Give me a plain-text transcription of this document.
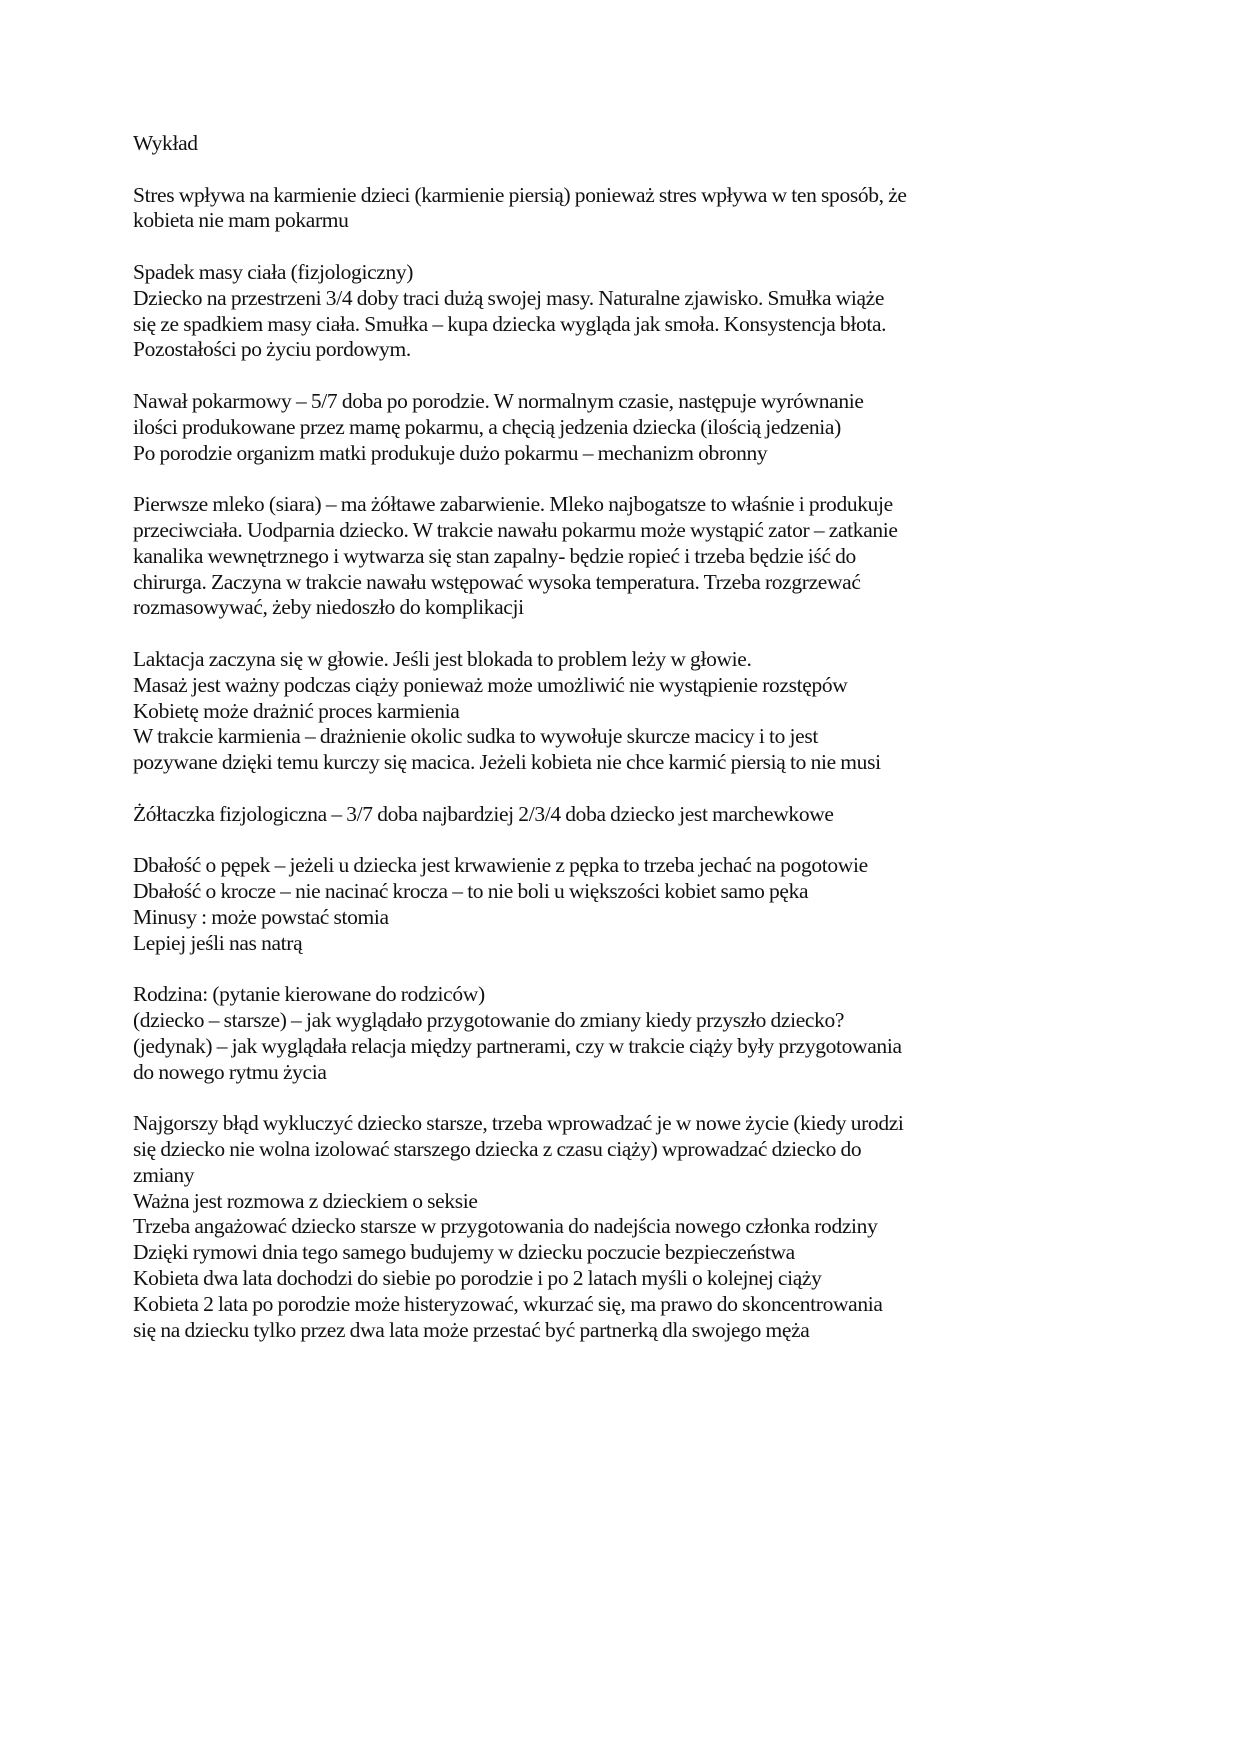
Wykład
Stres wpływa na karmienie dzieci (karmienie piersią) ponieważ stres wpływa w ten sposób, że
kobieta nie mam pokarmu
Spadek masy ciała (fizjologiczny)
Dziecko na przestrzeni 3/4 doby traci dużą swojej masy. Naturalne zjawisko. Smułka wiąże
się ze spadkiem masy ciała. Smułka – kupa dziecka wygląda jak smoła. Konsystencja błota.
Pozostałości po życiu pordowym.
Nawał pokarmowy – 5/7 doba po porodzie. W normalnym czasie, następuje wyrównanie
ilości produkowane przez mamę pokarmu, a chęcią jedzenia dziecka (ilością jedzenia)
Po porodzie organizm matki produkuje dużo pokarmu – mechanizm obronny
Pierwsze mleko (siara) – ma żółtawe zabarwienie. Mleko najbogatsze to właśnie i produkuje
przeciwciała. Uodparnia dziecko. W trakcie nawału pokarmu może wystąpić zator – zatkanie
kanalika wewnętrznego i wytwarza się stan zapalny- będzie ropieć i trzeba będzie iść do
chirurga. Zaczyna w trakcie nawału wstępować wysoka temperatura. Trzeba rozgrzewać
rozmasowywać, żeby niedoszło do komplikacji
Laktacja zaczyna się w głowie. Jeśli jest blokada to problem leży w głowie.
Masaż jest ważny podczas ciąży ponieważ może umożliwić nie wystąpienie rozstępów
Kobietę może drażnić proces karmienia
W trakcie karmienia – drażnienie okolic sudka to wywołuje skurcze macicy i to jest
pozywane dzięki temu kurczy się macica. Jeżeli kobieta nie chce karmić piersią to nie musi
Żółtaczka fizjologiczna – 3/7 doba najbardziej 2/3/4 doba dziecko jest marchewkowe
Dbałość o pępek – jeżeli u dziecka jest krwawienie z pępka to trzeba jechać na pogotowie
Dbałość o krocze – nie nacinać krocza – to nie boli u większości kobiet samo pęka
Minusy : może powstać stomia
Lepiej jeśli nas natrą
Rodzina: (pytanie kierowane do rodziców)
(dziecko – starsze) – jak wyglądało przygotowanie do zmiany kiedy przyszło dziecko?
(jedynak) – jak wyglądała relacja między partnerami, czy w trakcie ciąży były przygotowania
do nowego rytmu życia
Najgorszy błąd wykluczyć dziecko starsze, trzeba wprowadzać je w nowe życie (kiedy urodzi
się dziecko nie wolna izolować starszego dziecka z czasu ciąży) wprowadzać dziecko do
zmiany
Ważna jest rozmowa z dzieckiem o seksie
Trzeba angażować dziecko starsze w przygotowania do nadejścia nowego członka rodziny
Dzięki rymowi dnia tego samego budujemy w dziecku poczucie bezpieczeństwa
Kobieta dwa lata dochodzi do siebie po porodzie i po 2 latach myśli o kolejnej ciąży
Kobieta 2 lata po porodzie może histeryzować, wkurzać się, ma prawo do skoncentrowania
się na dziecku tylko przez dwa lata może przestać być partnerką dla swojego męża
